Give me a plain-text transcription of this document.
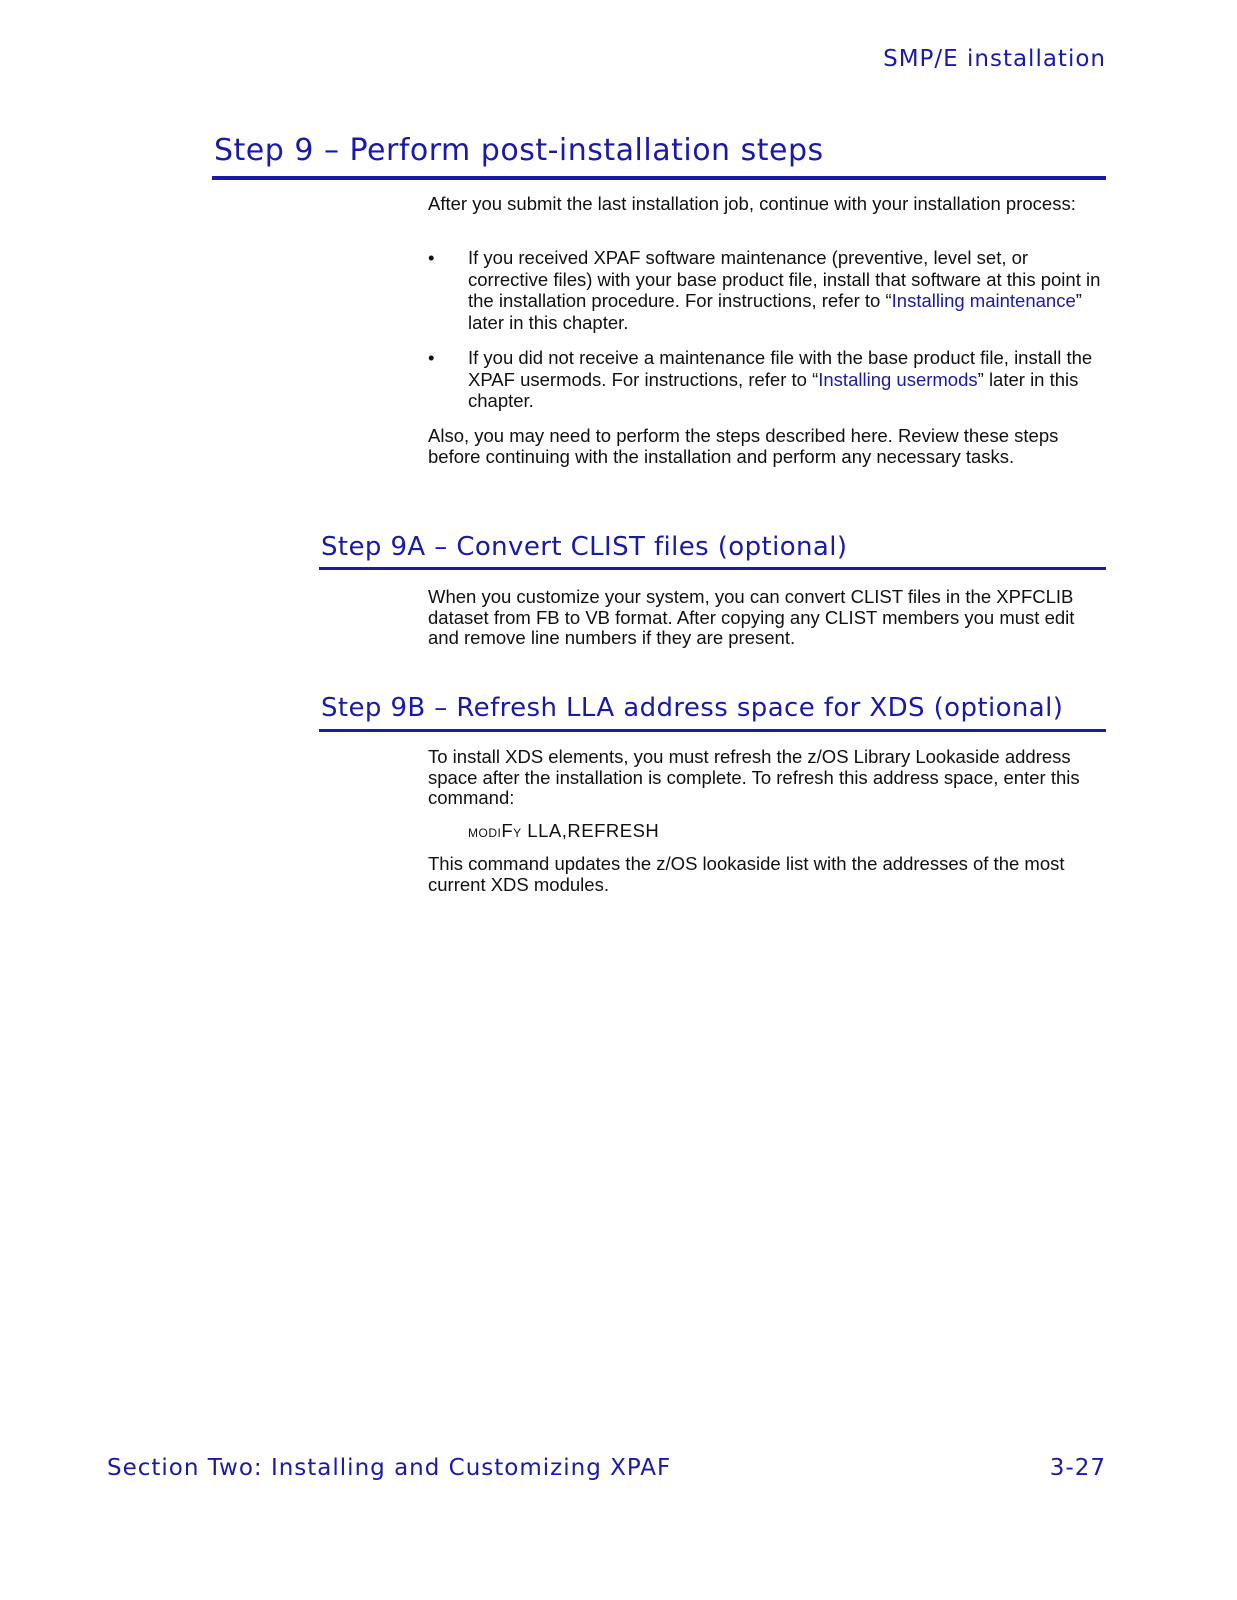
SMP/E installation
Step 9 – Perform post-installation steps

After you submit the last installation job, continue with your installation process:

• If you received XPAF software maintenance (preventive, level set, or corrective files) with your base product file, install that software at this point in the installation procedure. For instructions, refer to “Installing maintenance” later in this chapter.
• If you did not receive a maintenance file with the base product file, install the XPAF usermods. For instructions, refer to “Installing usermods” later in this chapter.

Also, you may need to perform the steps described here. Review these steps before continuing with the installation and perform any necessary tasks.

Step 9A – Convert CLIST files (optional)

When you customize your system, you can convert CLIST files in the XPFCLIB dataset from FB to VB format. After copying any CLIST members you must edit and remove line numbers if they are present.

Step 9B – Refresh LLA address space for XDS (optional)

To install XDS elements, you must refresh the z/OS Library Lookaside address space after the installation is complete. To refresh this address space, enter this command:

MODIFY LLA,REFRESH

This command updates the z/OS lookaside list with the addresses of the most current XDS modules.

Section Two: Installing and Customizing XPAF	3-27
